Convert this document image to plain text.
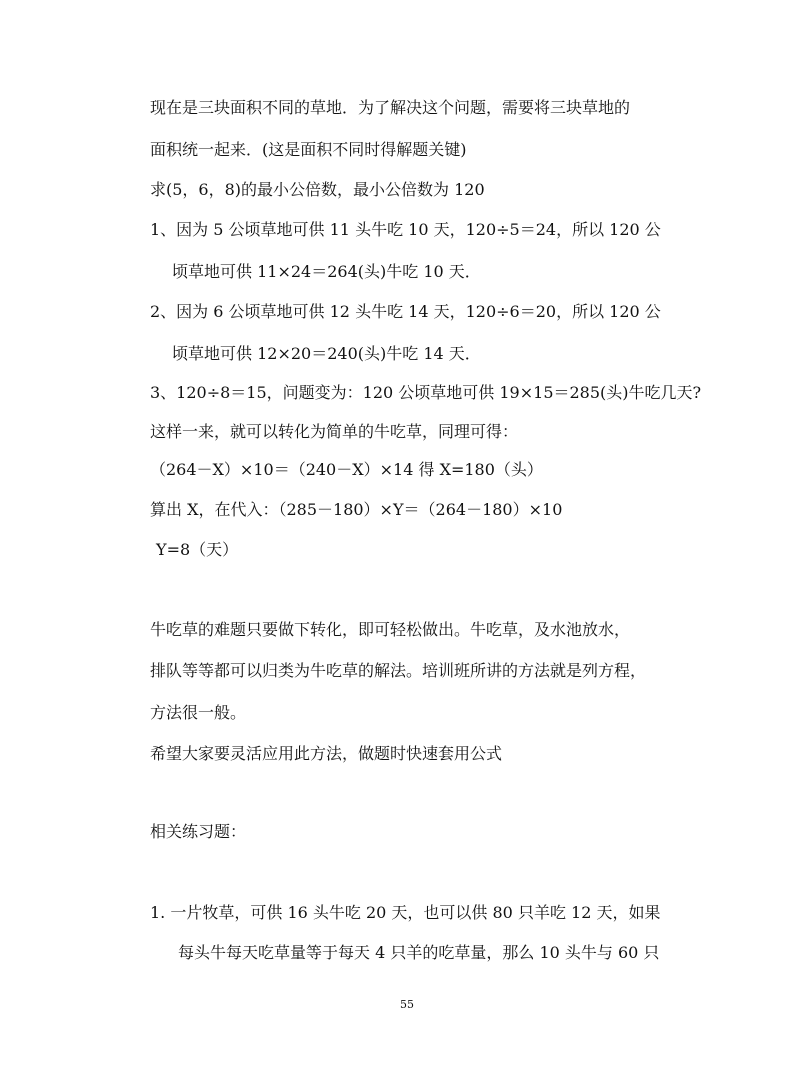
现在是三块面积不同的草地．为了解决这个问题，需要将三块草地的
面积统一起来．(这是面积不同时得解题关键)
求(5，6，8)的最小公倍数，最小公倍数为 120
1、因为 5 公顷草地可供 11 头牛吃 10 天，120÷5＝24，所以 120 公
顷草地可供 11×24＝264(头)牛吃 10 天．
2、因为 6 公顷草地可供 12 头牛吃 14 天，120÷6＝20，所以 120 公
顷草地可供 12×20＝240(头)牛吃 14 天．
3、120÷8＝15，问题变为：120 公顷草地可供 19×15＝285(头)牛吃几天?
这样一来，就可以转化为简单的牛吃草，同理可得：
（264－X）×10＝（240－X）×14 得 X=180（头）
算出 X，在代入：（285－180）×Y＝（264－180）×10
Y=8（天）
牛吃草的难题只要做下转化，即可轻松做出。牛吃草，及水池放水，
排队等等都可以归类为牛吃草的解法。培训班所讲的方法就是列方程，
方法很一般。
希望大家要灵活应用此方法，做题时快速套用公式
相关练习题：
1. 一片牧草，可供 16 头牛吃 20 天，也可以供 80 只羊吃 12 天，如果
每头牛每天吃草量等于每天 4 只羊的吃草量，那么 10 头牛与 60 只
55
